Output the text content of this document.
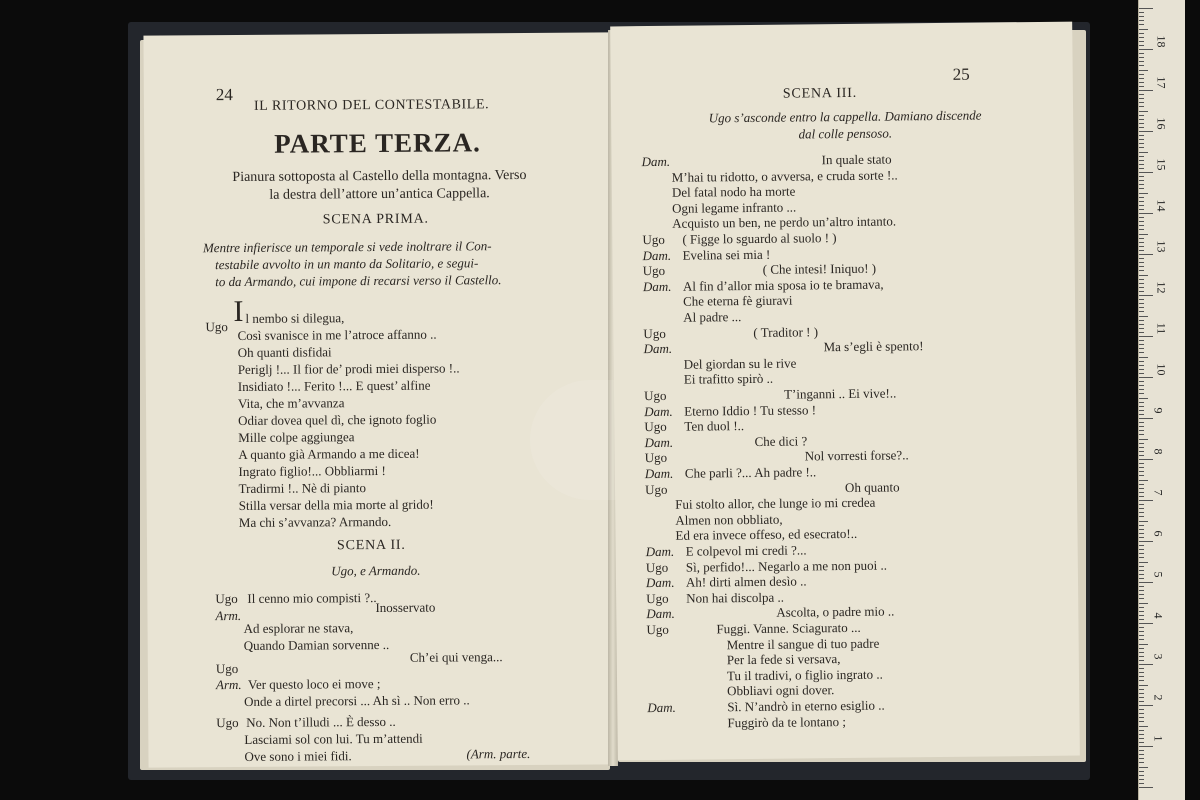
24
IL RITORNO DEL CONTESTABILE.
PARTE TERZA.
Pianura sottoposta al Castello della montagna. Verso
la destra dell’attore un’antica Cappella.
SCENA PRIMA.
Mentre infierisce un temporale si vede inoltrare il Con-
testabile avvolto in un manto da Solitario, e segui-
to da Armando, cui impone di recarsi verso il Castello.
Ugo I l nembo si dilegua,
Così svanisce in me l’atroce affanno ..
Oh quanti disfidai
Periglj !... Il fior de’ prodi miei disperso !..
Insidiato !... Ferito !... E quest’ alfine
Vita, che m’avvanza
Odiar dovea quel dì, che ignoto foglio
Mille colpe aggiungea
A quanto già Armando a me dicea!
Ingrato figlio!... Obbliarmi !
Tradirmi !.. Nè di pianto
Stilla versar della mia morte al grido!
Ma chi s’avvanza? Armando.
SCENA II.
Ugo, e Armando.
Ugo Il cenno mio compisti ?..
Arm.
Inosservato
Ad esplorar ne stava,
Quando Damian sorvenne ..
Ugo
Ch’ei qui venga...
Arm. Ver questo loco ei move ;
Onde a dirtel precorsi ... Ah sì .. Non erro ..
Ugo No. Non t’illudi ... È desso ..
Lasciami sol con lui. Tu m’attendi
Ove sono i miei fidi.	(Arm. parte.
25
SCENA III.
Ugo s’asconde entro la cappella. Damiano discende
dal colle pensoso.
Dam.	In quale stato
M’hai tu ridotto, o avversa, e cruda sorte !..
Del fatal nodo ha morte
Ogni legame infranto ...
Acquisto un ben, ne perdo un’altro intanto.
Ugo ( Figge lo sguardo al suolo ! )
Dam. Evelina sei mia !
Ugo	( Che intesi! Iniquo! )
Dam. Al fin d’allor mia sposa io te bramava,
Che eterna fè giuravi
Al padre ...
Ugo	( Traditor ! )
Dam.	Ma s’egli è spento!
Del giordan su le rive
Ei trafitto spirò ..
Ugo	T’inganni .. Ei vive!..
Dam. Eterno Iddio ! Tu stesso !
Ugo Ten duol !..
Dam.	Che dici ?
Ugo	Nol vorresti forse?..
Dam. Che parli ?... Ah padre !..
Ugo	Oh quanto
Fui stolto allor, che lunge io mi credea
Almen non obbliato,
Ed era invece offeso, ed esecrato!..
Dam. E colpevol mi credi ?...
Ugo Sì, perfido!... Negarlo a me non puoi ..
Dam. Ah! dirti almen desìo ..
Ugo Non hai discolpa ..
Dam.	Ascolta, o padre mio ..
Ugo	Fuggi. Vanne. Sciagurato ...
Mentre il sangue di tuo padre
Per la fede si versava,
Tu il tradivi, o figlio ingrato ..
Obbliavi ogni dover.
Dam.	Sì. N’andrò in eterno esiglio ..
Fuggirò da te lontano ;
18
17
16
15
14
13
12
11
10
9
8
7
6
5
4
3
2
1
